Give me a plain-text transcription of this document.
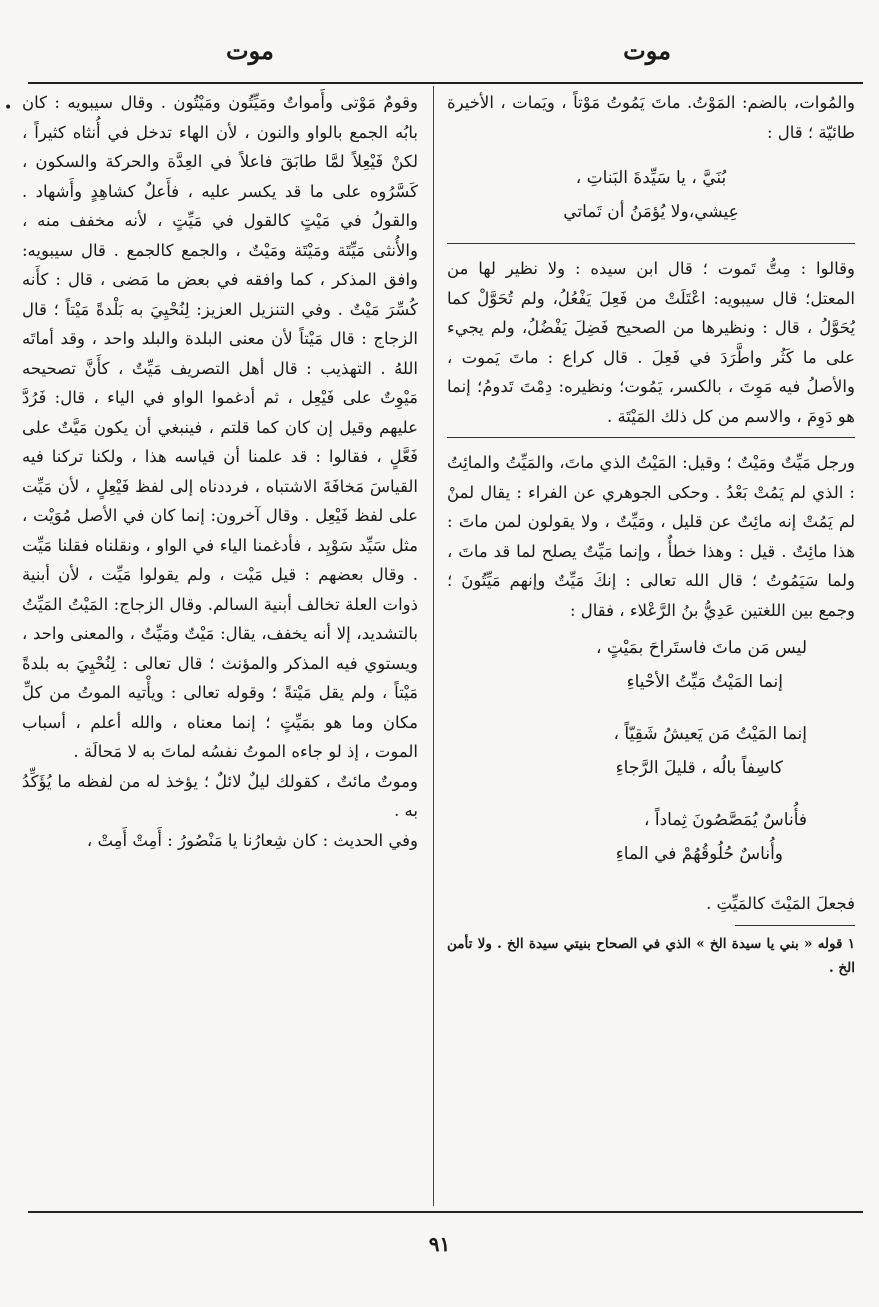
موت
موت
•	والمُوات، بالضم: المَوْتُ. ماتَ يَمُوتُ مَوْتاً ، ويَمات ، الأخيرة طائيّة ؛ قال :

بُنَيَّ ، يا سَيِّدةَ البَناتِ ،
عِيشي،ولا يُؤمَنُ أن تَماتي

وقالوا : مِتُّ تَموت ؛ قال ابن سيده : ولا نظير لها من المعتل؛ قال سيبويه: اعْتَلَتْ من فَعِلَ يَفْعُلُ، ولم تُحَوَّلْ كما يُحَوَّلُ ، قال : ونظيرها من الصحيح فَضِلَ يَفْضُلُ، ولم يجيء على ما كَثُر واطَّرَدَ في فَعِلَ . قال كراع : ماتَ يَموت ، والأصلُ فيه مَوِتَ ، بالكسر، يَمُوت؛ ونظيره: دِمْتَ تَدومُ؛ إنما هو دَوِمَ ، والاسم من كل ذلك المَيْتَة .

ورجل مَيِّتٌ ومَيْتٌ ؛ وقيل: المَيْتُ الذي ماتَ، والمَيِّتُ والمائِتُ : الذي لم يَمُتْ بَعْدُ . وحكى الجوهري عن الفراء : يقال لمنْ لم يَمُتْ إنه مائِتٌ عن قليل ، ومَيِّتٌ ، ولا يقولون لمن ماتَ : هذا مائِتٌ . قيل : وهذا خطأٌ ، وإنما مَيِّتٌ يصلح لما قد ماتَ ، ولما سَيَمُوتُ ؛ قال الله تعالى : إنكَ مَيِّتٌ وإنهم مَيِّتُونَ ؛ وجمع بين اللغتين عَدِيُّ بنُ الرَّعْلاء ، فقال :

ليس مَن ماتَ فاستَراحَ بمَيْتٍ ،
إنما المَيْتُ مَيِّتُ الأحْياءِ
إنما المَيْتُ مَن يَعيشُ شَقِيّاً ،
كاسِفاً بالُه ، قليلَ الرَّجاءِ
فأُناسٌ يُمَصَّصُونَ ثِماداً ،
وأُناسٌ حُلُوقُهُمْ في الماءِ

فجعلَ المَيْتَ كالمَيِّتِ .

١ قوله « بني يا سيدة الخ » الذي في الصحاح بنيتي سيدة الخ . ولا تأمن الخ .

وقومٌ مَوْتى وأَمواتٌ ومَيِّتُون ومَيْتُون . وقال سيبويه : كان بابُه الجمع بالواو والنون ، لأن الهاء تدخل في أُنثاه كثيراً ، لكنْ فَيْعِلاً لمَّا طابَقَ فاعلاً في العِدَّة والحركة والسكون ، كَسَّرُوه على ما قد يكسر عليه ، فأَعلٌ كشاهِدٍ وأَشهاد . والقولُ في مَيْتٍ كالقول في مَيِّتٍ ، لأنه مخفف منه ، والأُنثى مَيِّتَة ومَيْتَة ومَيْتٌ ، والجمع كالجمع . قال سيبويه: وافق المذكر ، كما وافقه في بعض ما مَضى ، قال : كأَنه كُسِّرَ مَيْتٌ . وفي التنزيل العزيز: لِنُحْيِيَ به بَلْدةً مَيْتاً ؛ قال الزجاج : قال مَيْتاً لأن معنى البلدة والبلد واحد ، وقد أماتَه اللهُ . التهذيب : قال أهل التصريف مَيِّتٌ ، كأَنَّ تصحيحه مَيْوِتٌ على فَيْعِل ، ثم أدغموا الواو في الياء ، قال: فَرُدَّ عليهم وقيل إن كان كما قلتم ، فينبغي أن يكون مَيَّتٌ على فَعَّلٍ ، فقالوا : قد علمنا أن قياسه هذا ، ولكنا تركنا فيه القياسَ مَخافَةَ الاشتباه ، فرددناه إلى لفظ فَيْعِلٍ ، لأن مَيِّت على لفظ فَيْعِل . وقال آخرون: إنما كان في الأصل مُوَيْت ، مثل سَيِّد سَوْيِد ، فأدغمنا الياء في الواو ، ونقلناه فقلنا مَيِّت . وقال بعضهم : قيل مَيْت ، ولم يقولوا مَيِّت ، لأن أبنية ذوات العلة تخالف أبنية السالم. وقال الزجاج: المَيْتُ المَيِّتُ بالتشديد، إلا أنه يخفف، يقال: مَيْتٌ ومَيِّتٌ ، والمعنى واحد ، ويستوي فيه المذكر والمؤنث ؛ قال تعالى : لِنُحْيِيَ به بلدةً مَيْتاً ، ولم يقل مَيْتةً ؛ وقوله تعالى : ويأْتيه الموتُ من كلِّ مكان وما هو بمَيِّتٍ ؛ إنما معناه ، والله أعلم ، أسباب الموت ، إذ لو جاءه الموتُ نفسُه لماتَ به لا مَحالَة .

وموتٌ مائتٌ ، كقولك ليلٌ لائلٌ ؛ يؤخذ له من لفظه ما يُؤَكِّدُ به .

وفي الحديث : كان شِعارُنا يا مَنْصُورُ : أَمِتْ أَمِتْ ،

٩١
